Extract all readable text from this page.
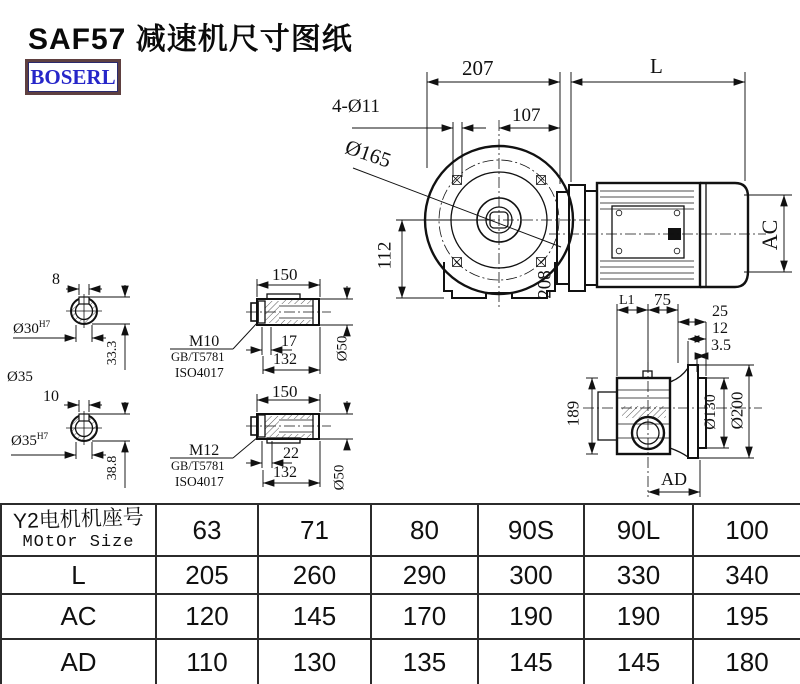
SAF57 减速机尺寸图纸
BOSERL
208
207	L
107
4-Ø11
Ø165
112
AC
L1 75
25
12
3.5
189	Ø130 Ø200
AD
150
M10
GB/T5781
ISO4017
17
132	Ø50
150
M12
GB/T5781
ISO4017
22
132 Ø50
8
$Ø30^{H7}$
33.3
Ø35
10
$Ø35^{H7}$
38.8
Y2电机机座号
MOtOr Size	63	71	80	90S	90L	100
L	205	260	290	300	330	340
AC	120	145	170	190	190	195
AD	110	130	135	145	145	180
